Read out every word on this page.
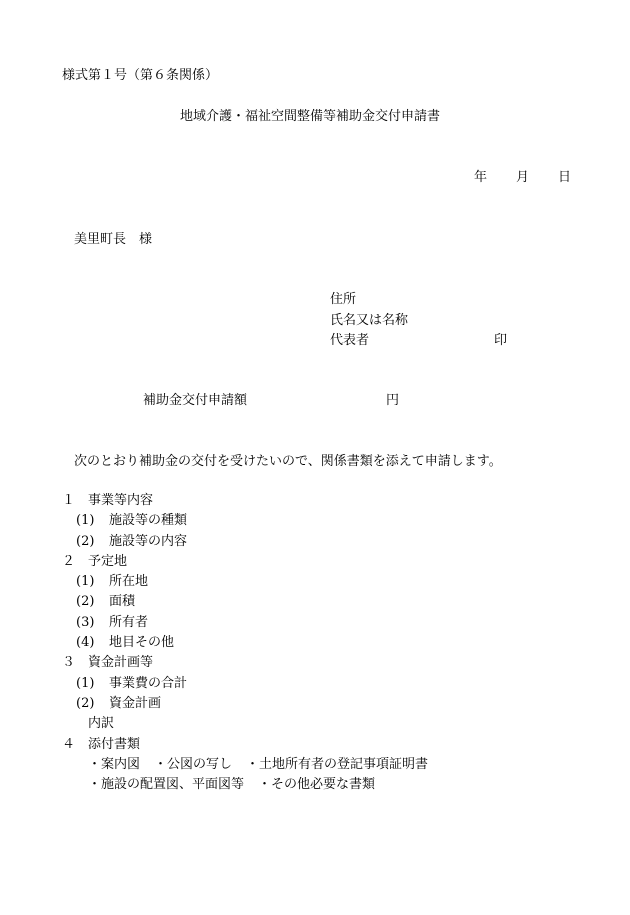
様式第１号（第６条関係）
地域介護・福祉空間整備等補助金交付申請書
年 月 日
美里町長 様
住所
氏名又は名称
代表者	印
補助金交付申請額	円
次のとおり補助金の交付を受けたいので、関係書類を添えて申請します。
１ 事業等内容
(1) 施設等の種類
(2) 施設等の内容
２ 予定地
(1) 所在地
(2) 面積
(3) 所有者
(4) 地目その他
３ 資金計画等
(1) 事業費の合計
(2) 資金計画
内訳
４ 添付書類
・案内図 ・公図の写し ・土地所有者の登記事項証明書
・施設の配置図、平面図等 ・その他必要な書類
